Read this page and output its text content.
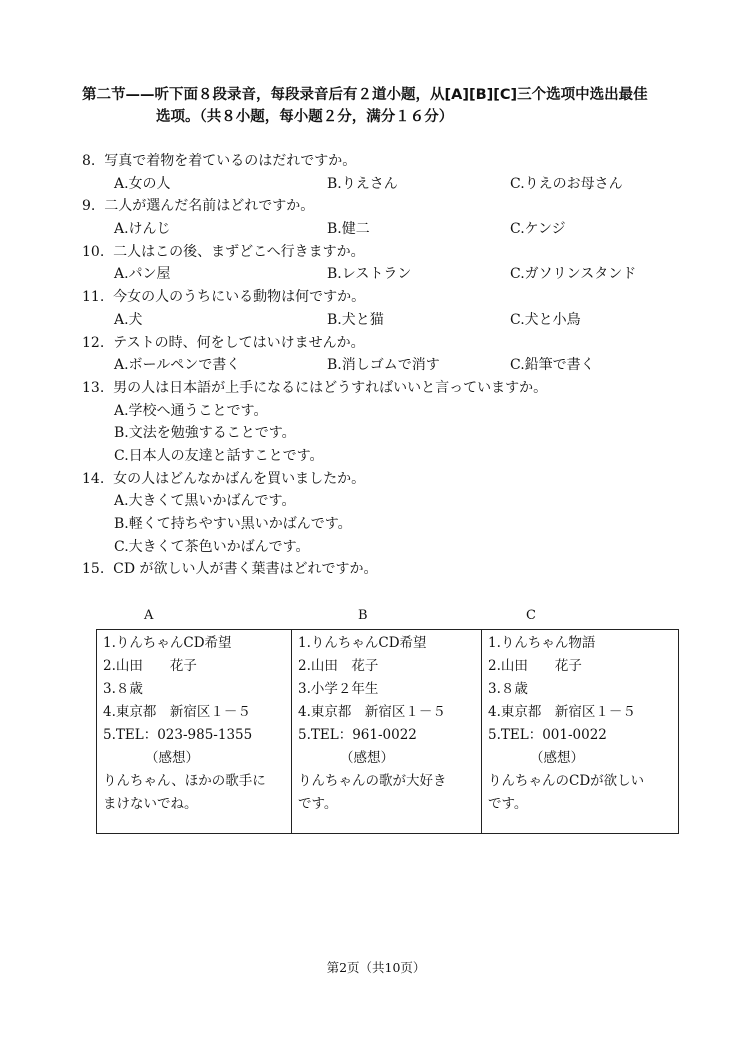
第二节——听下面８段录音，每段录音后有２道小题，从[A][B][C]三个选项中选出最佳
选项。（共８小题，每小题２分，满分１６分）
8. 写真で着物を着ているのはだれですか。
A.女の人	B.りえさん	C.りえのお母さん
9. 二人が選んだ名前はどれですか。
A.けんじ	B.健二	C.ケンジ
10. 二人はこの後、まずどこへ行きますか。
A.パン屋	B.レストラン	C.ガソリンスタンド
11. 今女の人のうちにいる動物は何ですか。
A.犬	B.犬と猫	C.犬と小鳥
12. テストの時、何をしてはいけませんか。
A.ボールペンで書く	B.消しゴムで消す	C.鉛筆で書く
13. 男の人は日本語が上手になるにはどうすればいいと言っていますか。
A.学校へ通うことです。
B.文法を勉強することです。
C.日本人の友達と話すことです。
14. 女の人はどんなかばんを買いましたか。
A.大きくて黒いかばんです。
B.軽くて持ちやすい黒いかばんです。
C.大きくて茶色いかばんです。
15. CD が欲しい人が書く葉書はどれですか。
A	B	C
1.りんちゃんCD希望
2.山田　　花子
3.８歳
4.東京都　新宿区１－５
5.TEL：023-985-1355
（感想）
りんちゃん、ほかの歌手に
まけないでね。

1.りんちゃんCD希望
2.山田　花子
3.小学２年生
4.東京都　新宿区１－５
5.TEL：961-0022
（感想）
りんちゃんの歌が大好き
です。

1.りんちゃん物語
2.山田　　花子
3.８歳
4.東京都　新宿区１－５
5.TEL：001-0022
（感想）
りんちゃんのCDが欲しい
です。
第2页（共10页）
